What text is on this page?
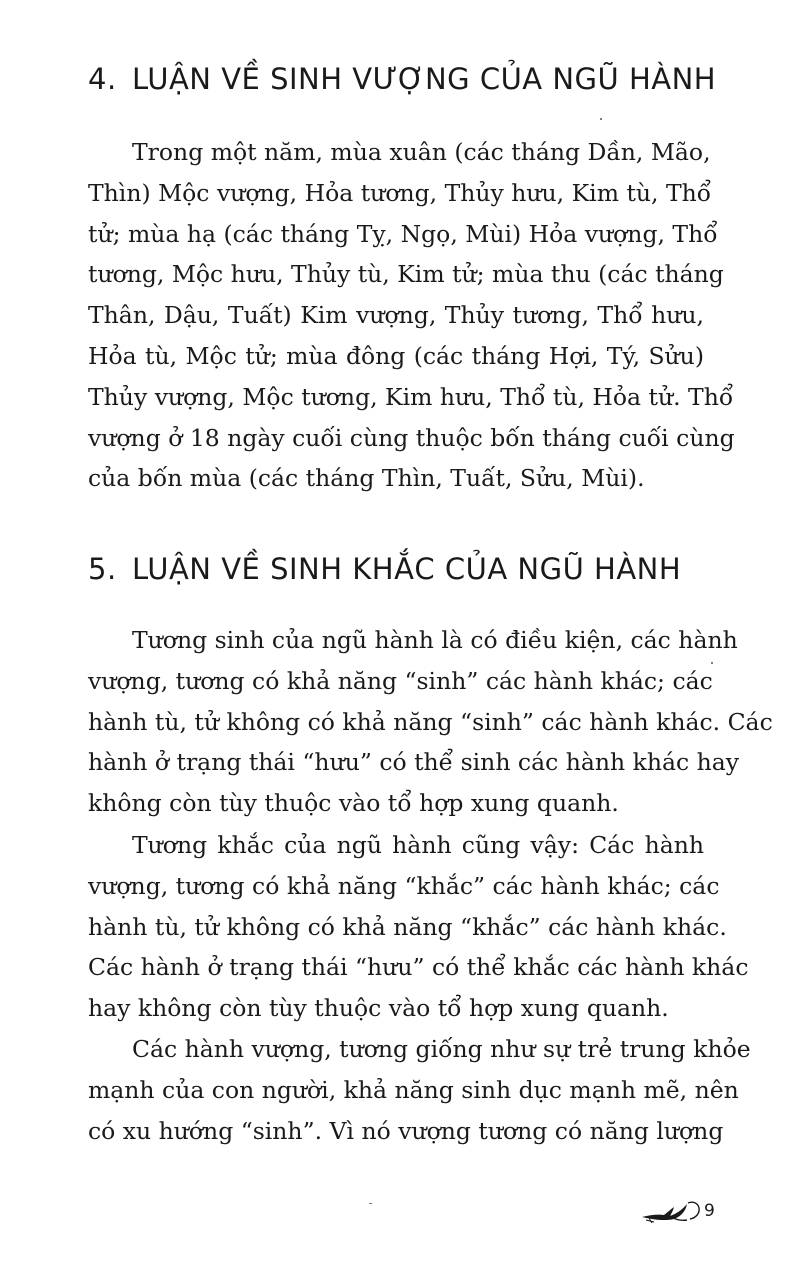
4. LUẬN VỀ SINH VƯỢNG CỦA NGŨ HÀNH
Trong một năm, mùa xuân (các tháng Dần, Mão,
Thìn) Mộc vượng, Hỏa tương, Thủy hưu, Kim tù, Thổ
tử; mùa hạ (các tháng Tỵ, Ngọ, Mùi) Hỏa vượng, Thổ
tương, Mộc hưu, Thủy tù, Kim tử; mùa thu (các tháng
Thân, Dậu, Tuất) Kim vượng, Thủy tương, Thổ hưu,
Hỏa tù, Mộc tử; mùa đông (các tháng Hợi, Tý, Sửu)
Thủy vượng, Mộc tương, Kim hưu, Thổ tù, Hỏa tử. Thổ
vượng ở 18 ngày cuối cùng thuộc bốn tháng cuối cùng
của bốn mùa (các tháng Thìn, Tuất, Sửu, Mùi).
5. LUẬN VỀ SINH KHẮC CỦA NGŨ HÀNH
Tương sinh của ngũ hành là có điều kiện, các hành
vượng, tương có khả năng “sinh” các hành khác; các
hành tù, tử không có khả năng “sinh” các hành khác. Các
hành ở trạng thái “hưu” có thể sinh các hành khác hay
không còn tùy thuộc vào tổ hợp xung quanh.
Tương khắc của ngũ hành cũng vậy: Các hành
vượng, tương có khả năng “khắc” các hành khác; các
hành tù, tử không có khả năng “khắc” các hành khác.
Các hành ở trạng thái “hưu” có thể khắc các hành khác
hay không còn tùy thuộc vào tổ hợp xung quanh.
Các hành vượng, tương giống như sự trẻ trung khỏe
mạnh của con người, khả năng sinh dục mạnh mẽ, nên
có xu hướng “sinh”. Vì nó vượng tương có năng lượng
9
